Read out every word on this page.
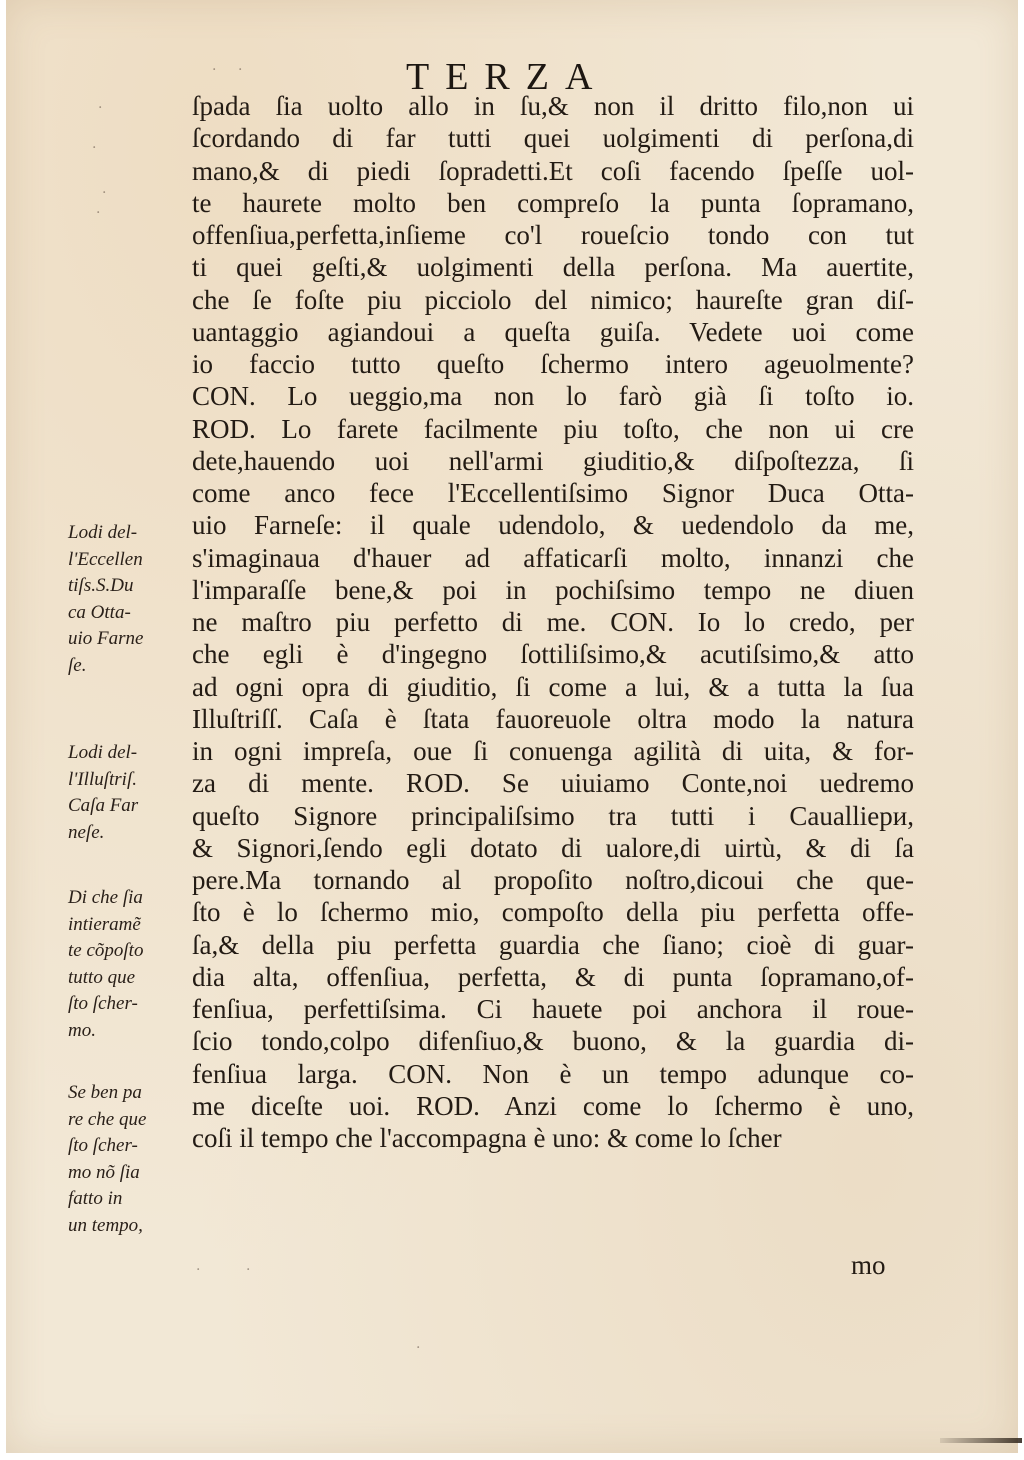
TERZA
ſpada ſia uolto allo in ſu,& non il dritto filo,non ui
ſcordando di far tutti quei uolgimenti di perſona,di
mano,& di piedi ſopradetti.Et coſi facendo ſpeſſe uol-
te haurete molto ben compreſo la punta ſopramano,
offenſiua,perfetta,inſieme co'l roueſcio tondo con tut
ti quei geſti,& uolgimenti della perſona. Ma auertite,
che ſe foſte piu picciolo del nimico; haureſte gran diſ-
uantaggio agiandoui a queſta guiſa. Vedete uoi come
io faccio tutto queſto ſchermo intero ageuolmente?
CON. Lo ueggio,ma non lo farò già ſi toſto io.
ROD. Lo farete facilmente piu toſto, che non ui cre
dete,hauendo uoi nell'armi giuditio,& diſpoſtezza, ſi
come anco fece l'Eccellentiſsimo Signor Duca Otta-
uio Farneſe: il quale udendolo, & uedendolo da me,
s'imaginaua d'hauer ad affaticarſi molto, innanzi che
l'imparaſſe bene,& poi in pochiſsimo tempo ne diuen
ne maſtro piu perfetto di me. CON. Io lo credo, per
che egli è d'ingegno ſottiliſsimo,& acutiſsimo,& atto
ad ogni opra di giuditio, ſi come a lui, & a tutta la ſua
Illuſtriſſ. Caſa è ſtata fauoreuole oltra modo la natura
in ogni impreſa, oue ſi conuenga agilità di uita, & for-
za di mente. ROD. Se uiuiamo Conte,noi uedremo
queſto Signore principaliſsimo tra tutti i Caualliери,
& Signori,ſendo egli dotato di ualore,di uirtù, & di ſa
pere.Ma tornando al propoſito noſtro,dicoui che que-
ſto è lo ſchermo mio, compoſto della piu perfetta offe-
ſa,& della piu perfetta guardia che ſiano; cioè di guar-
dia alta, offenſiua, perfetta, & di punta ſopramano,of-
fenſiua, perfettiſsima. Ci hauete poi anchora il roue-
ſcio tondo,colpo difenſiuo,& buono, & la guardia di-
fenſiua larga. CON. Non è un tempo adunque co-
me diceſte uoi. ROD. Anzi come lo ſchermo è uno,
coſi il tempo che l'accompagna è uno: & come lo ſcher
mo
Lodi del-
l'Eccellen
tiſs.S.Du
ca Otta-
uio Farne
ſe.
Lodi del-
l'Illuſtriſ.
Caſa Far
neſe.
Di che ſia
intieramẽ
te cõpoſto
tutto que
ſto ſcher-
mo.
Se ben pa
re che que
ſto ſcher-
mo nõ ſia
fatto in
un tempo,
·
·
·
·
· ·
·	·
·
